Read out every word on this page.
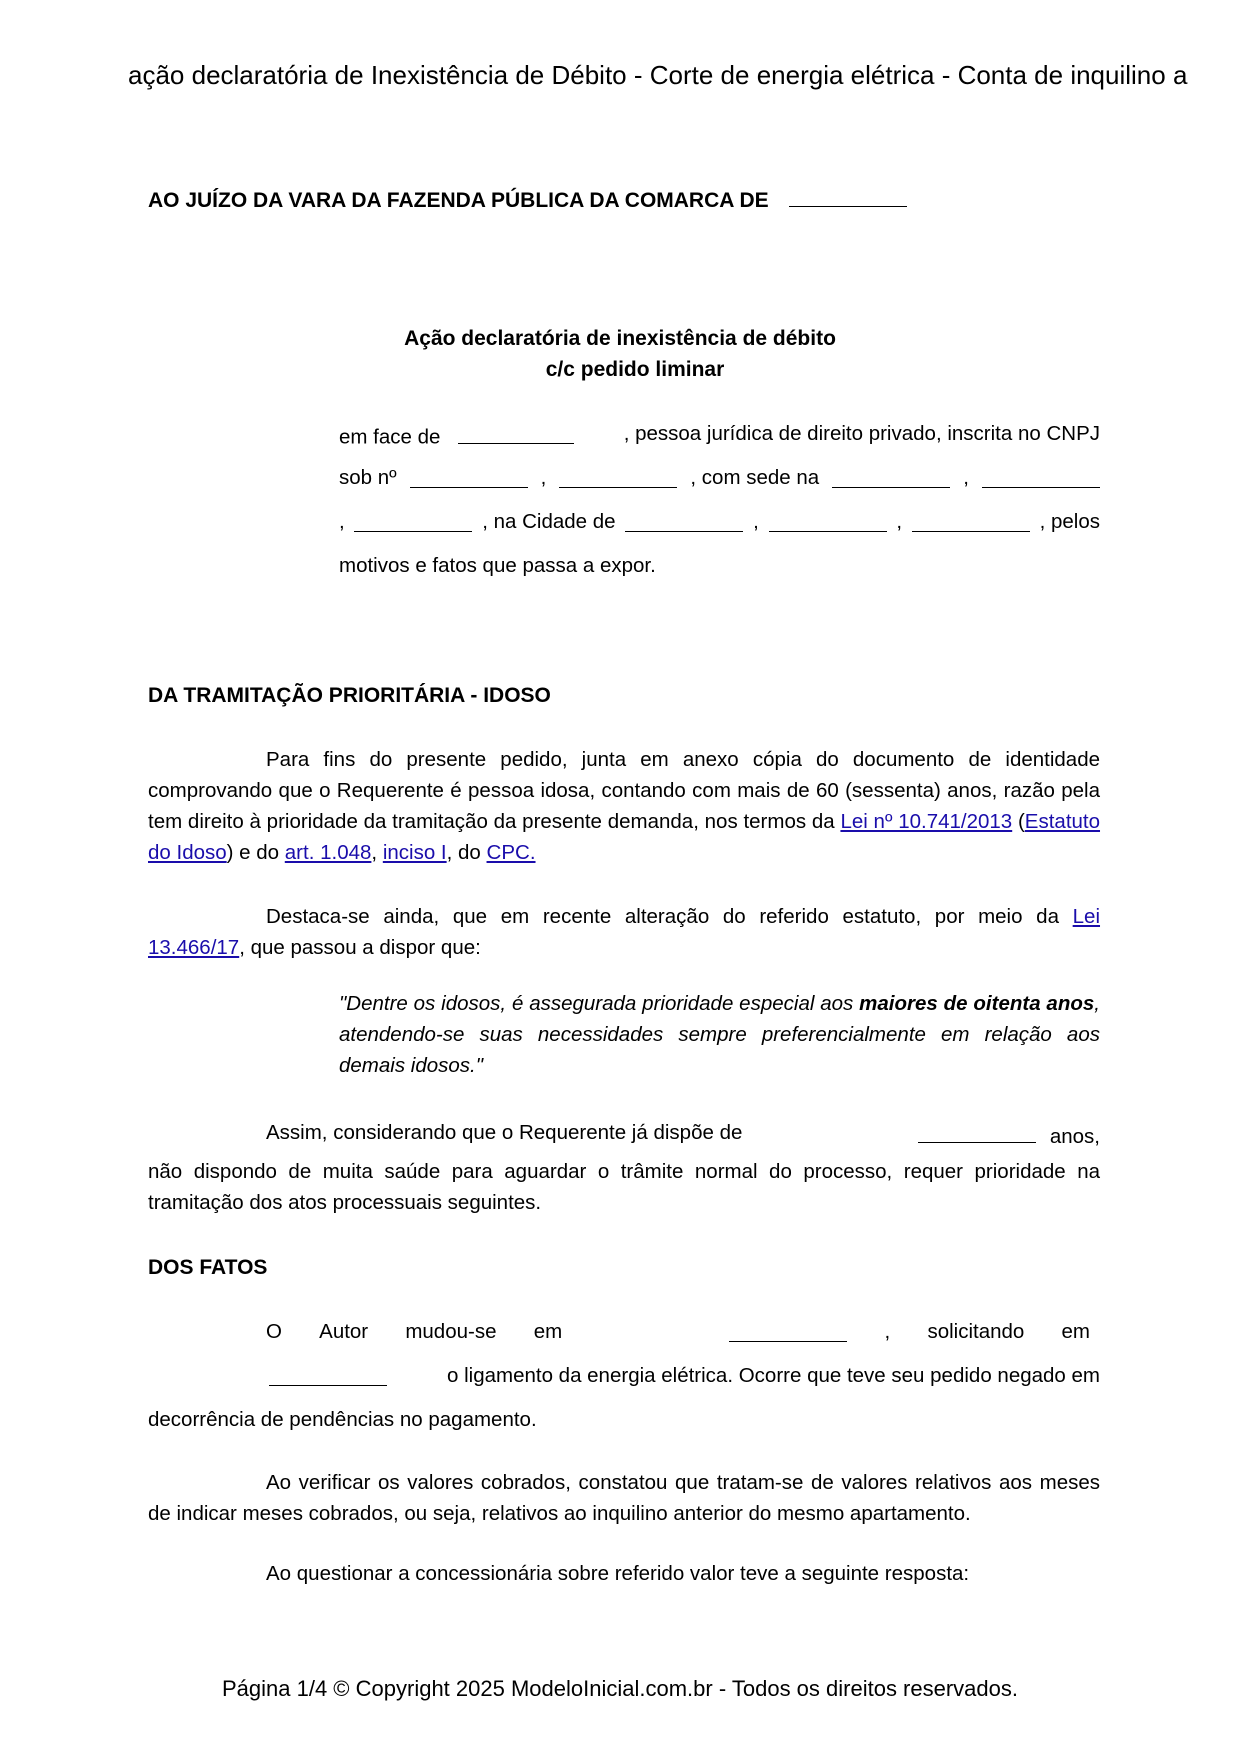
ação declaratória de Inexistência de Débito - Corte de energia elétrica - Conta de inquilino a
AO JUÍZO DA VARA DA FAZENDA PÚBLICA DA COMARCA DE
Ação declaratória de inexistência de débito
c/c pedido liminar
em face de	, pessoa jurídica de direito privado, inscrita no CNPJ
sob nº	,	, com sede na	,
,	, na Cidade de	,	,	, pelos
motivos e fatos que passa a expor.
DA TRAMITAÇÃO PRIORITÁRIA - IDOSO
Para fins do presente pedido, junta em anexo cópia do documento de identidade comprovando que o Requerente é pessoa idosa, contando com mais de 60 (sessenta) anos, razão pela tem direito à prioridade da tramitação da presente demanda, nos termos da Lei nº 10.741/2013 (Estatuto do Idoso) e do art. 1.048, inciso I, do CPC.
Destaca-se ainda, que em recente alteração do referido estatuto, por meio da Lei 13.466/17, que passou a dispor que:
"Dentre os idosos, é assegurada prioridade especial aos maiores de oitenta anos, atendendo-se suas necessidades sempre preferencialmente em relação aos demais idosos."
Assim, considerando que o Requerente já dispõe de	anos,
não dispondo de muita saúde para aguardar o trâmite normal do processo, requer prioridade na tramitação dos atos processuais seguintes.
DOS FATOS
O Autor mudou-se em	, solicitando em
o ligamento da energia elétrica. Ocorre que teve seu pedido negado em
decorrência de pendências no pagamento.
Ao verificar os valores cobrados, constatou que tratam-se de valores relativos aos meses de indicar meses cobrados, ou seja, relativos ao inquilino anterior do mesmo apartamento.
Ao questionar a concessionária sobre referido valor teve a seguinte resposta:
Página 1/4 © Copyright 2025 ModeloInicial.com.br - Todos os direitos reservados.
